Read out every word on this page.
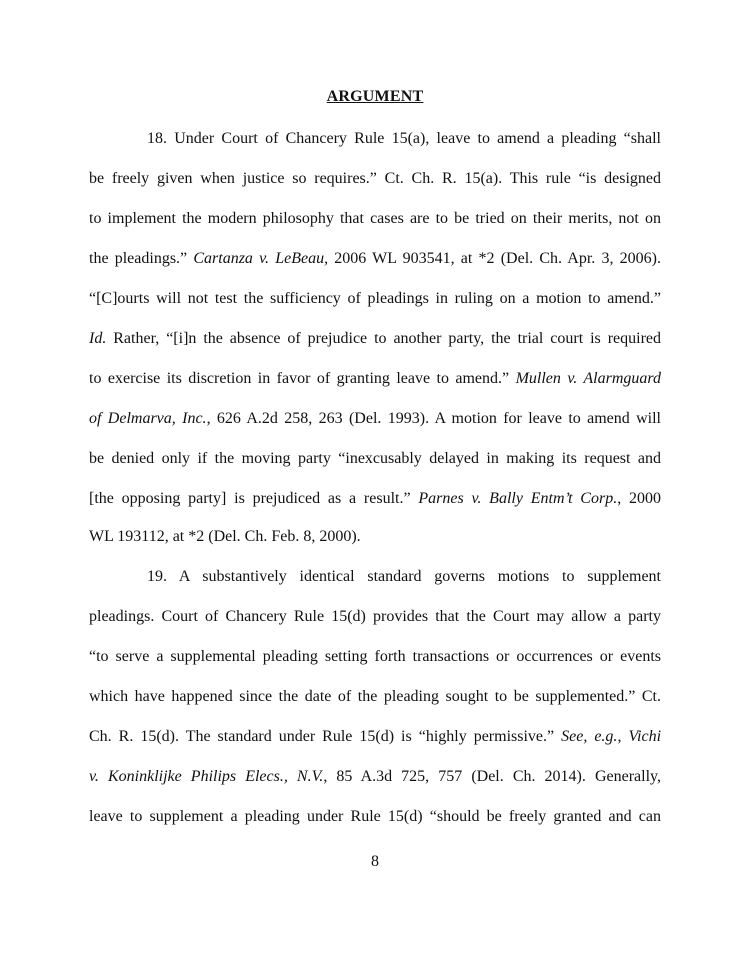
ARGUMENT
18. Under Court of Chancery Rule 15(a), leave to amend a pleading “shall
be freely given when justice so requires.” Ct. Ch. R. 15(a). This rule “is designed
to implement the modern philosophy that cases are to be tried on their merits, not on
the pleadings.” Cartanza v. LeBeau, 2006 WL 903541, at *2 (Del. Ch. Apr. 3, 2006).
“[C]ourts will not test the sufficiency of pleadings in ruling on a motion to amend.”
Id. Rather, “[i]n the absence of prejudice to another party, the trial court is required
to exercise its discretion in favor of granting leave to amend.” Mullen v. Alarmguard
of Delmarva, Inc., 626 A.2d 258, 263 (Del. 1993). A motion for leave to amend will
be denied only if the moving party “inexcusably delayed in making its request and
[the opposing party] is prejudiced as a result.” Parnes v. Bally Entm’t Corp., 2000
WL 193112, at *2 (Del. Ch. Feb. 8, 2000).
19. A substantively identical standard governs motions to supplement
pleadings. Court of Chancery Rule 15(d) provides that the Court may allow a party
“to serve a supplemental pleading setting forth transactions or occurrences or events
which have happened since the date of the pleading sought to be supplemented.” Ct.
Ch. R. 15(d). The standard under Rule 15(d) is “highly permissive.” See, e.g., Vichi
v. Koninklijke Philips Elecs., N.V., 85 A.3d 725, 757 (Del. Ch. 2014). Generally,
leave to supplement a pleading under Rule 15(d) “should be freely granted and can
8
